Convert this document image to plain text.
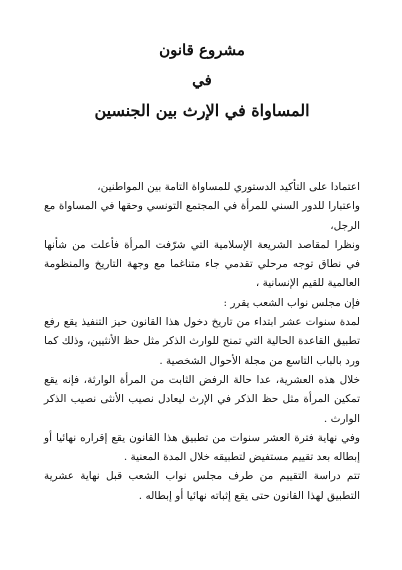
مشروع قانون

في

المساواة في الإرث بين الجنسين

اعتمادا على التأكيد الدستوري للمساواة التامة بين المواطنين،

واعتبارا للدور السني للمرأة في المجتمع التونسي وحقها في المساواة مع الرجل،

ونظرا لمقاصد الشريعة الإسلامية التي شرّفت المرأة فأعلت من شأنها في نطاق توجه مرحلي تقدمي جاء متناغما مع وجهة التاريخ والمنظومة العالمية للقيم الإنسانية ،

فإن مجلس نواب الشعب يقرر :

لمدة سنوات عشر ابتداء من تاريخ دخول هذا القانون حيز التنفيذ يقع رفع تطبيق القاعدة الحالية التي تمنح للوارث الذكر مثل حظ الأنثيين، وذلك كما ورد بالباب التاسع من مجلة الأحوال الشخصية .

خلال هذه العشرية، عدا حالة الرفض الثابت من المرأة الوارثة، فإنه يقع تمكين المرأة مثل حظ الذكر في الإرث ليعادل نصيب الأنثى نصيب الذكر الوارث .

وفي نهاية فترة العشر سنوات من تطبيق هذا القانون يقع إقراره نهائيا أو إبطاله بعد تقييم مستفيض لتطبيقه خلال المدة المعنية .

تتم دراسة التقييم من طرف مجلس نواب الشعب قبل نهاية عشرية التطبيق لهذا القانون حتى يقع إثباته نهائيا أو إبطاله .
